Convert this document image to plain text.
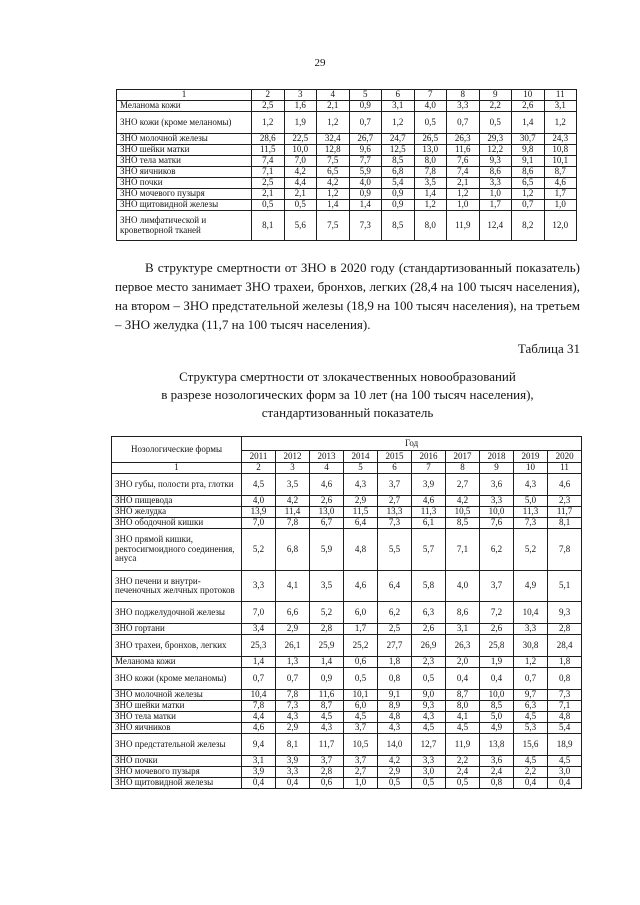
29
1	2	3	4	5	6	7	8	9	10	11
Меланома кожи	2,5	1,6	2,1	0,9	3,1	4,0	3,3	2,2	2,6	3,1
ЗНО кожи (кроме меланомы)	1,2	1,9	1,2	0,7	1,2	0,5	0,7	0,5	1,4	1,2
ЗНО молочной железы	28,6	22,5	32,4	26,7	24,7	26,5	26,3	29,3	30,7	24,3
ЗНО шейки матки	11,5	10,0	12,8	9,6	12,5	13,0	11,6	12,2	9,8	10,8
ЗНО тела матки	7,4	7,0	7,5	7,7	8,5	8,0	7,6	9,3	9,1	10,1
ЗНО яичников	7,1	4,2	6,5	5,9	6,8	7,8	7,4	8,6	8,6	8,7
ЗНО почки	2,5	4,4	4,2	4,0	5,4	3,5	2,1	3,3	6,5	4,6
ЗНО мочевого пузыря	2,1	2,1	1,2	0,9	0,9	1,4	1,2	1,0	1,2	1,7
ЗНО щитовидной железы	0,5	0,5	1,4	1,4	0,9	1,2	1,0	1,7	0,7	1,0
ЗНО лимфатической и кроветворной тканей	8,1	5,6	7,5	7,3	8,5	8,0	11,9	12,4	8,2	12,0

В структуре смертности от ЗНО в 2020 году (стандартизованный показатель) первое место занимает ЗНО трахеи, бронхов, легких (28,4 на 100 тысяч населения), на втором – ЗНО предстательной железы (18,9 на 100 тысяч населения), на третьем – ЗНО желудка (11,7 на 100 тысяч населения).

Таблица 31
Структура смертности от злокачественных новообразований
в разрезе нозологических форм за 10 лет (на 100 тысяч населения),
стандартизованный показатель
Нозологические формы	Год									
	2011	2012	2013	2014	2015	2016	2017	2018	2019	2020
1	2	3	4	5	6	7	8	9	10	11
ЗНО губы, полости рта, глотки	4,5	3,5	4,6	4,3	3,7	3,9	2,7	3,6	4,3	4,6
ЗНО пищевода	4,0	4,2	2,6	2,9	2,7	4,6	4,2	3,3	5,0	2,3
ЗНО желудка	13,9	11,4	13,0	11,5	13,3	11,3	10,5	10,0	11,3	11,7
ЗНО ободочной кишки	7,0	7,8	6,7	6,4	7,3	6,1	8,5	7,6	7,3	8,1
ЗНО прямой кишки, ректосигмоидного соединения, ануса	5,2	6,8	5,9	4,8	5,5	5,7	7,1	6,2	5,2	7,8
ЗНО печени и внутри-печеночных желчных протоков	3,3	4,1	3,5	4,6	6,4	5,8	4,0	3,7	4,9	5,1
ЗНО поджелудочной железы	7,0	6,6	5,2	6,0	6,2	6,3	8,6	7,2	10,4	9,3
ЗНО гортани	3,4	2,9	2,8	1,7	2,5	2,6	3,1	2,6	3,3	2,8
ЗНО трахеи, бронхов, легких	25,3	26,1	25,9	25,2	27,7	26,9	26,3	25,8	30,8	28,4
Меланома кожи	1,4	1,3	1,4	0,6	1,8	2,3	2,0	1,9	1,2	1,8
ЗНО кожи (кроме меланомы)	0,7	0,7	0,9	0,5	0,8	0,5	0,4	0,4	0,7	0,8
ЗНО молочной железы	10,4	7,8	11,6	10,1	9,1	9,0	8,7	10,0	9,7	7,3
ЗНО шейки матки	7,8	7,3	8,7	6,0	8,9	9,3	8,0	8,5	6,3	7,1
ЗНО тела матки	4,4	4,3	4,5	4,5	4,8	4,3	4,1	5,0	4,5	4,8
ЗНО яичников	4,6	2,9	4,3	3,7	4,3	4,5	4,5	4,9	5,3	5,4
ЗНО предстательной железы	9,4	8,1	11,7	10,5	14,0	12,7	11,9	13,8	15,6	18,9
ЗНО почки	3,1	3,9	3,7	3,7	4,2	3,3	2,2	3,6	4,5	4,5
ЗНО мочевого пузыря	3,9	3,3	2,8	2,7	2,9	3,0	2,4	2,4	2,2	3,0
ЗНО щитовидной железы	0,4	0,4	0,6	1,0	0,5	0,5	0,5	0,8	0,4	0,4
